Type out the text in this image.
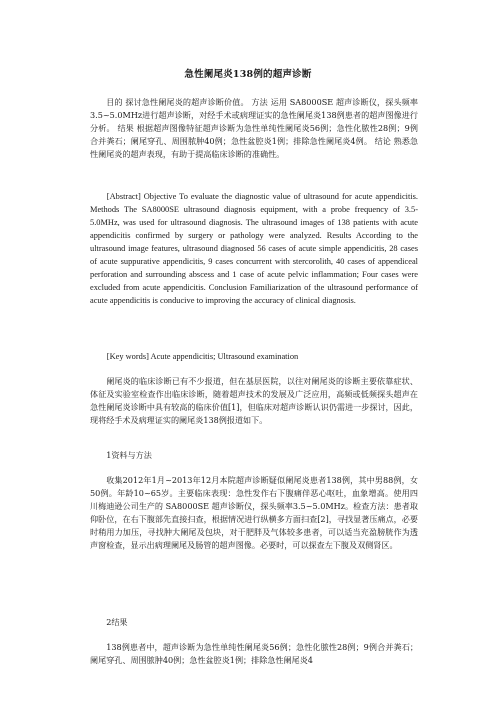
急性阑尾炎138例的超声诊断
目的 探讨急性阑尾炎的超声诊断价值。 方法 运用 SA8000SE 超声诊断仪，探头频率3.5~5.0MHz进行超声诊断，对经手术或病理证实的急性阑尾炎138例患者的超声图像进行分析。 结果 根据超声图像特征超声诊断为急性单纯性阑尾炎56例；急性化脓性28例；9例合并粪石；阑尾穿孔、周围脓肿40例；急性盆腔炎1例；排除急性阑尾炎4例。 结论 熟悉急性阑尾炎的超声表现，有助于提高临床诊断的准确性。
[Abstract] Objective To evaluate the diagnostic value of ultrasound for acute appendicitis. Methods The SA8000SE ultrasound diagnosis equipment, with a probe frequency of 3.5-5.0MHz, was used for ultrasound diagnosis. The ultrasound images of 138 patients with acute appendicitis confirmed by surgery or pathology were analyzed. Results According to the ultrasound image features, ultrasound diagnosed 56 cases of acute simple appendicitis, 28 cases of acute suppurative appendicitis, 9 cases concurrent with stercorolith, 40 cases of appendiceal perforation and surrounding abscess and 1 case of acute pelvic inflammation; Four cases were excluded from acute appendicitis. Conclusion Familiarization of the ultrasound performance of acute appendicitis is conducive to improving the accuracy of clinical diagnosis.
[Key words] Acute appendicitis; Ultrasound examination
阑尾炎的临床诊断已有不少报道，但在基层医院，以往对阑尾炎的诊断主要依靠症状、体征及实验室检查作出临床诊断，随着超声技术的发展及广泛应用，高频或低频探头超声在急性阑尾炎诊断中具有较高的临床价值[1]，但临床对超声诊断认识仍需进一步探讨，因此，现将经手术及病理证实的阑尾炎138例报道如下。
1资料与方法
收集2012年1月~2013年12月本院超声诊断疑似阑尾炎患者138例，其中男88例，女50例。年龄10~65岁。主要临床表现：急性发作右下腹痛伴恶心呕吐，血象增高。使用四川梅迪逊公司生产的 SA8000SE 超声诊断仪，探头频率3.5~5.0MHz。检查方法：患者取仰卧位，在右下腹部先直接扫查，根据情况进行纵横多方面扫查[2]，寻找显著压痛点，必要时稍用力加压，寻找肿大阑尾及包块，对于肥胖及气体较多患者，可以适当充盈膀胱作为透声窗检查，显示出病理阑尾及肠管的超声图像。必要时，可以探查左下腹及双侧肾区。
2结果
138例患者中，超声诊断为急性单纯性阑尾炎56例；急性化脓性28例；9例合并粪石；阑尾穿孔、周围脓肿40例；急性盆腔炎1例；排除急性阑尾炎4
